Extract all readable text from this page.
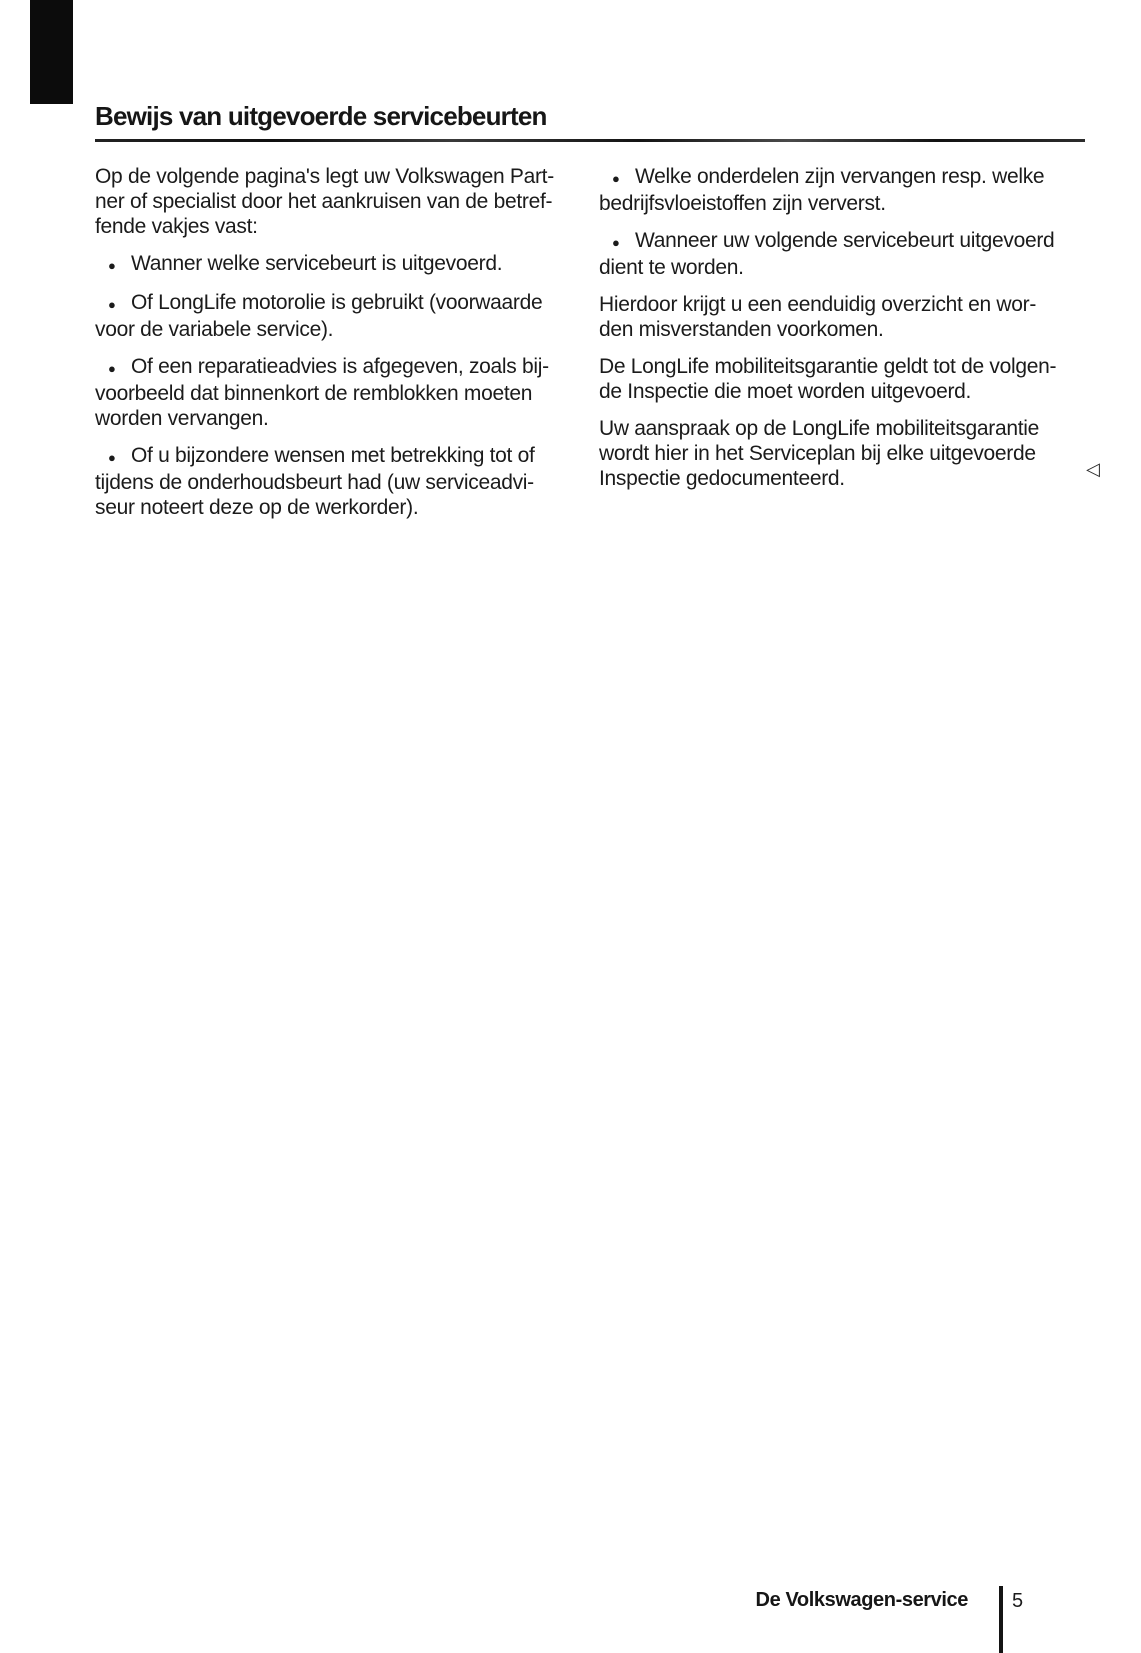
Bewijs van uitgevoerde servicebeurten
Op de volgende pagina's legt uw Volkswagen Part-
ner of specialist door het aankruisen van de betref-
fende vakjes vast:
● Wanner welke servicebeurt is uitgevoerd.
● Of LongLife motorolie is gebruikt (voorwaarde
voor de variabele service).
● Of een reparatieadvies is afgegeven, zoals bij-
voorbeeld dat binnenkort de remblokken moeten
worden vervangen.
● Of u bijzondere wensen met betrekking tot of
tijdens de onderhoudsbeurt had (uw serviceadvi-
seur noteert deze op de werkorder).
● Welke onderdelen zijn vervangen resp. welke
bedrijfsvloeistoffen zijn ververst.
● Wanneer uw volgende servicebeurt uitgevoerd
dient te worden.
Hierdoor krijgt u een eenduidig overzicht en wor-
den misverstanden voorkomen.
De LongLife mobiliteitsgarantie geldt tot de volgen-
de Inspectie die moet worden uitgevoerd.
Uw aanspraak op de LongLife mobiliteitsgarantie
wordt hier in het Serviceplan bij elke uitgevoerde
Inspectie gedocumenteerd.	◁

De Volkswagen-service 5
